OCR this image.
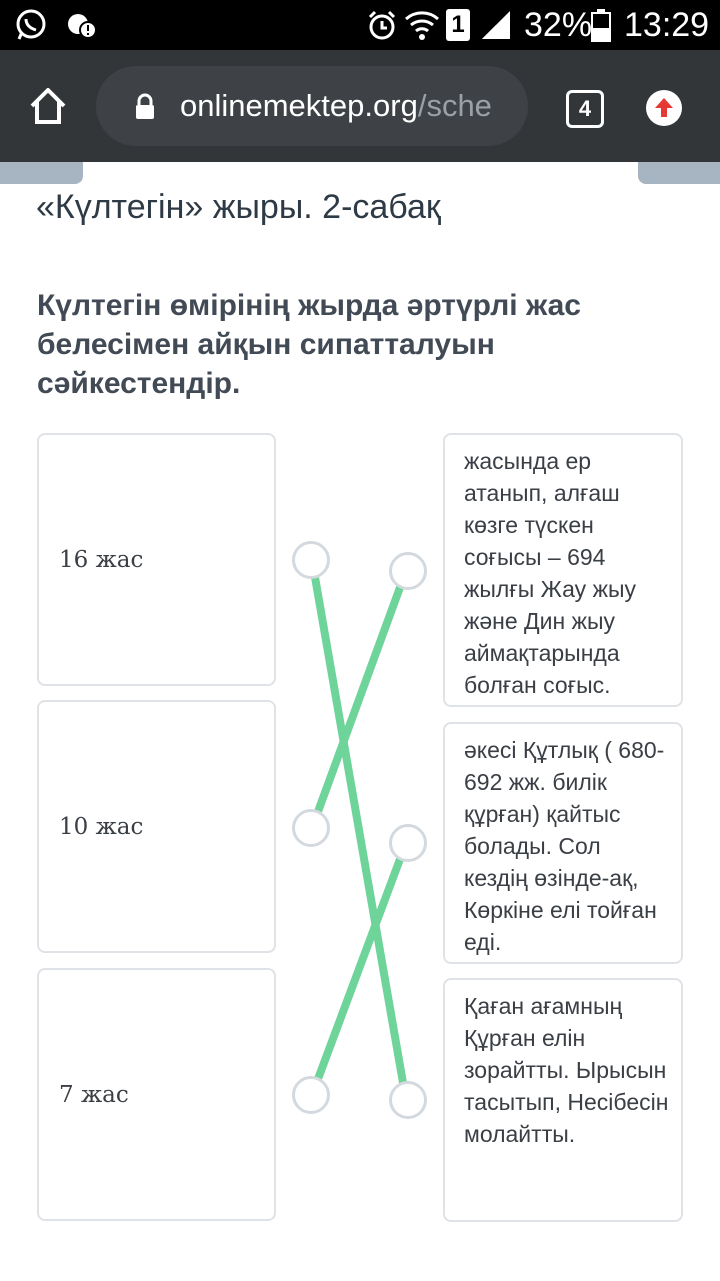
1 32% 13:29
onlinemektep.org/sche	4
«Күлтегін» жыры. 2-сабақ
Күлтегін өмірінің жырда әртүрлі жас белесімен айқын сипатталуын сәйкестендір.
16 жас
10 жас
7 жас
жасында ер атанып, алғаш көзге түскен соғысы – 694 жылғы Жау жыу және Дин жыу аймақтарында болған соғыс.
әкесі Құтлық ( 680-692 жж. билік құрған) қайтыс болады. Сол кездің өзінде-ақ, Көркіне елі тойған еді.
Қаған ағамның Құрған елін зорайтты. Ырысын тасытып, Несібесін молайтты.
